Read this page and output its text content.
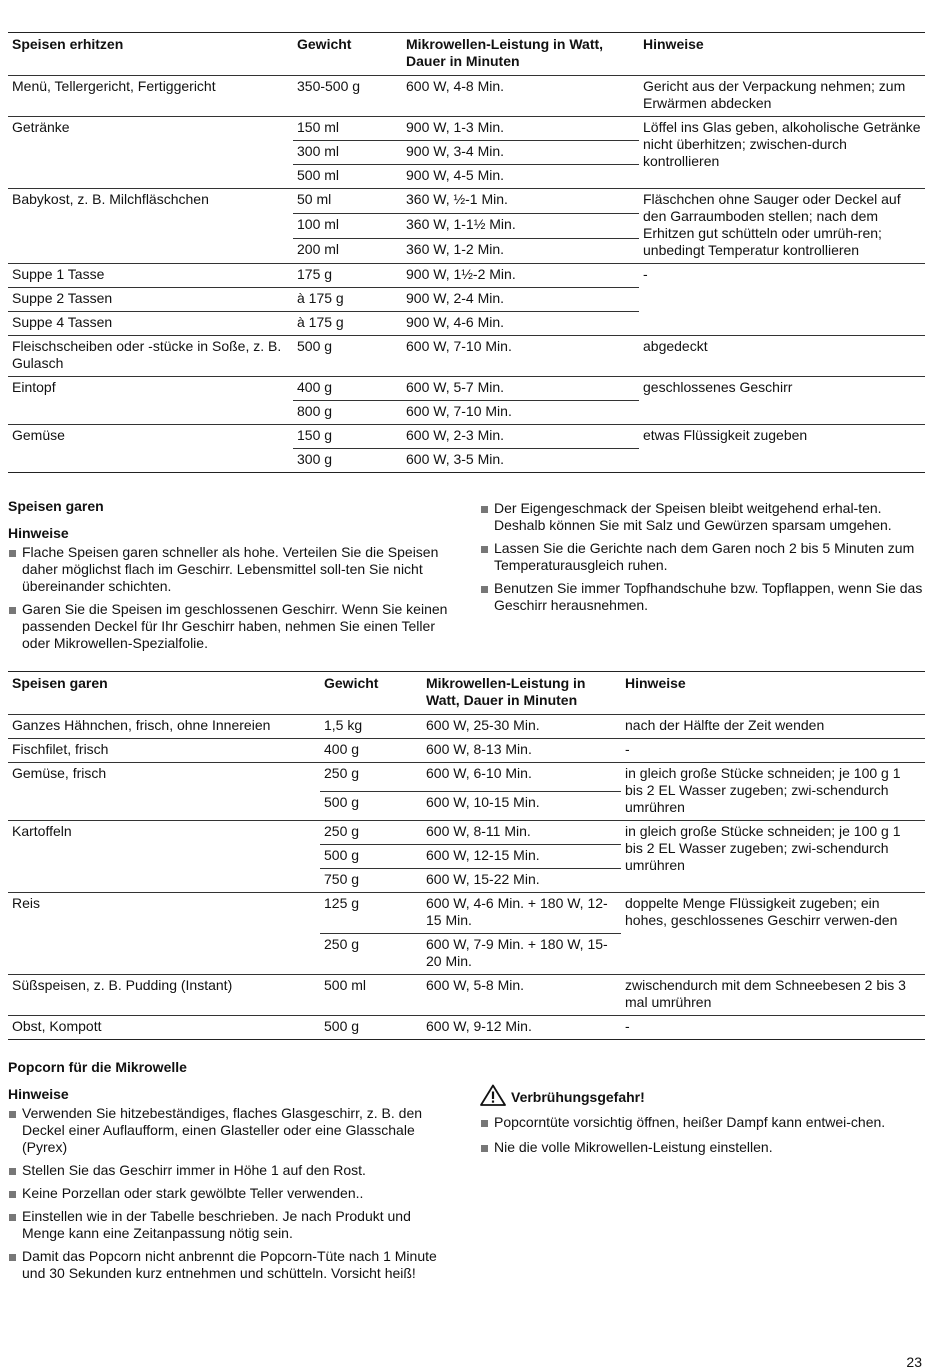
Speisen erhitzen	Gewicht	Mikrowellen-Leistung in Watt, Dauer in Minuten	Hinweise
Menü, Tellergericht, Fertiggericht	350-500 g	600 W, 4-8 Min.	Gericht aus der Verpackung nehmen; zum Erwärmen abdecken
Getränke	150 ml	900 W, 1-3 Min.	Löffel ins Glas geben, alkoholische Getränke nicht überhitzen; zwischen-durch kontrollieren
	300 ml	900 W, 3-4 Min.	
	500 ml	900 W, 4-5 Min.	
Babykost, z. B. Milchfläschchen	50 ml	360 W, ½-1 Min.	Fläschchen ohne Sauger oder Deckel auf den Garraumboden stellen; nach dem Erhitzen gut schütteln oder umrüh-ren; unbedingt Temperatur kontrollieren
	100 ml	360 W, 1-1½ Min.	
	200 ml	360 W, 1-2 Min.	
Suppe 1 Tasse	175 g	900 W, 1½-2 Min.	-
Suppe 2 Tassen	à 175 g	900 W, 2-4 Min.	
Suppe 4 Tassen	à 175 g	900 W, 4-6 Min.	
Fleischscheiben oder -stücke in Soße, z. B. Gulasch	500 g	600 W, 7-10 Min.	abgedeckt
Eintopf	400 g	600 W, 5-7 Min.	geschlossenes Geschirr
	800 g	600 W, 7-10 Min.	
Gemüse	150 g	600 W, 2-3 Min.	etwas Flüssigkeit zugeben
	300 g	600 W, 3-5 Min.	
Speisen garen
Hinweise
Flache Speisen garen schneller als hohe. Verteilen Sie die Speisen daher möglichst flach im Geschirr. Lebensmittel soll-ten Sie nicht übereinander schichten.
Garen Sie die Speisen im geschlossenen Geschirr. Wenn Sie keinen passenden Deckel für Ihr Geschirr haben, nehmen Sie einen Teller oder Mikrowellen-Spezialfolie.
Der Eigengeschmack der Speisen bleibt weitgehend erhal-ten. Deshalb können Sie mit Salz und Gewürzen sparsam umgehen.
Lassen Sie die Gerichte nach dem Garen noch 2 bis 5 Minuten zum Temperaturausgleich ruhen.
Benutzen Sie immer Topfhandschuhe bzw. Topflappen, wenn Sie das Geschirr herausnehmen.
Speisen garen	Gewicht	Mikrowellen-Leistung in Watt, Dauer in Minuten	Hinweise
Ganzes Hähnchen, frisch, ohne Innereien	1,5 kg	600 W, 25-30 Min.	nach der Hälfte der Zeit wenden
Fischfilet, frisch	400 g	600 W, 8-13 Min.	-
Gemüse, frisch	250 g	600 W, 6-10 Min.	in gleich große Stücke schneiden; je 100 g 1 bis 2 EL Wasser zugeben; zwi-schendurch umrühren
	500 g	600 W, 10-15 Min.	
Kartoffeln	250 g	600 W, 8-11 Min.	in gleich große Stücke schneiden; je 100 g 1 bis 2 EL Wasser zugeben; zwi-schendurch umrühren
	500 g	600 W, 12-15 Min.	
	750 g	600 W, 15-22 Min.	
Reis	125 g	600 W, 4-6 Min. + 180 W, 12-15 Min.	doppelte Menge Flüssigkeit zugeben; ein hohes, geschlossenes Geschirr verwen-den
	250 g	600 W, 7-9 Min. + 180 W, 15-20 Min.	
Süßspeisen, z. B. Pudding (Instant)	500 ml	600 W, 5-8 Min.	zwischendurch mit dem Schneebesen 2 bis 3 mal umrühren
Obst, Kompott	500 g	600 W, 9-12 Min.	-
Popcorn für die Mikrowelle
Hinweise
Verwenden Sie hitzebeständiges, flaches Glasgeschirr, z. B. den Deckel einer Auflaufform, einen Glasteller oder eine Glasschale (Pyrex)
Stellen Sie das Geschirr immer in Höhe 1 auf den Rost.
Keine Porzellan oder stark gewölbte Teller verwenden..
Einstellen wie in der Tabelle beschrieben. Je nach Produkt und Menge kann eine Zeitanpassung nötig sein.
Damit das Popcorn nicht anbrennt die Popcorn-Tüte nach 1 Minute und 30 Sekunden kurz entnehmen und schütteln. Vorsicht heiß!
Verbrühungsgefahr!
Popcorntüte vorsichtig öffnen, heißer Dampf kann entwei-chen.
Nie die volle Mikrowellen-Leistung einstellen.
23
